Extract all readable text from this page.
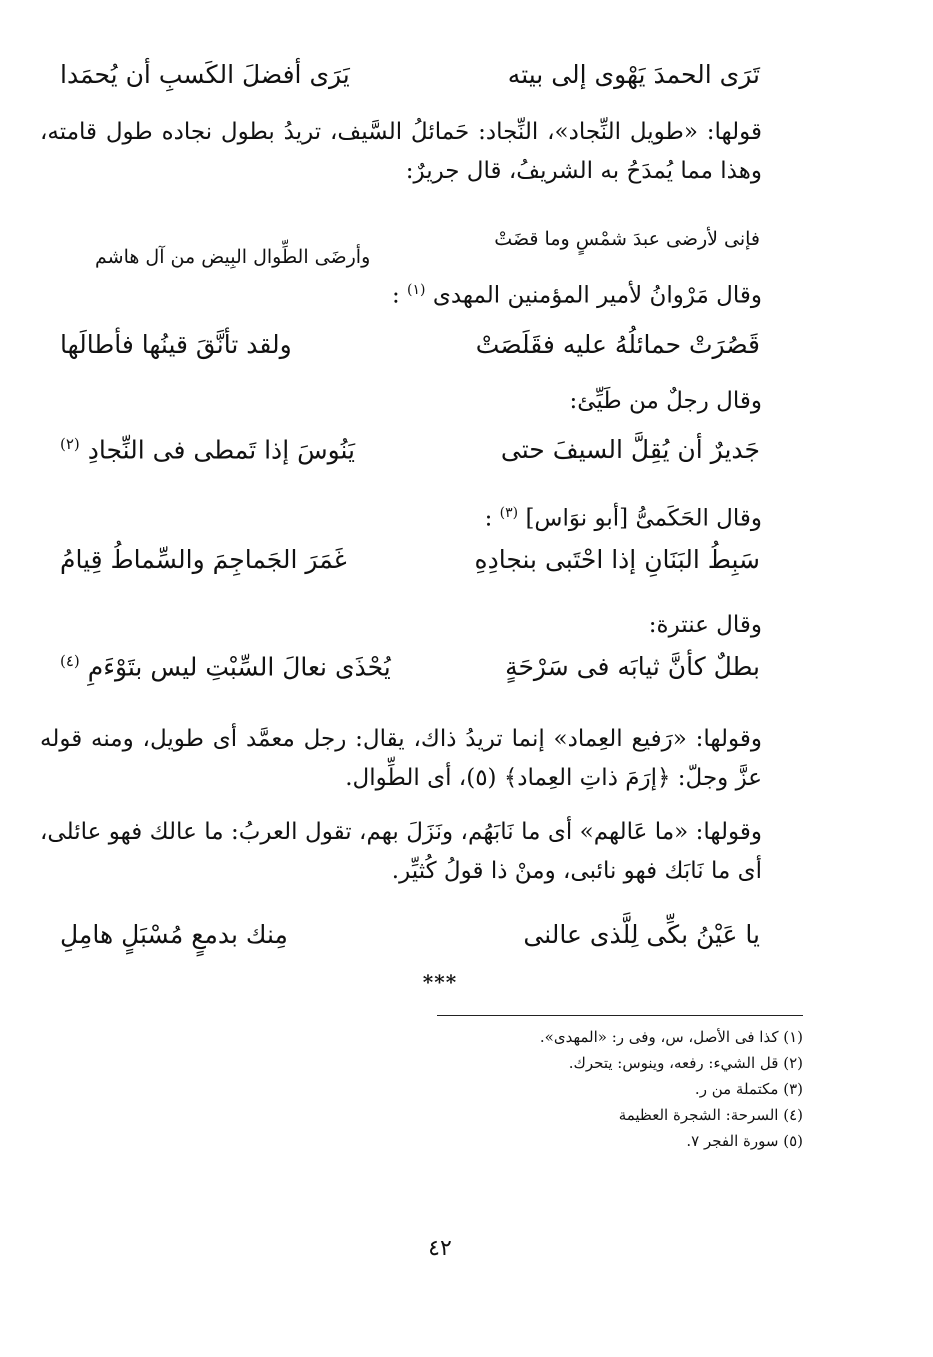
تَرَى الحمدَ يَهْوى إلى بيته
يَرَى أفضلَ الكَسبِ أن يُحمَدا
قولها: «طويل النِّجاد»، النِّجاد: حَمائلُ السَّيف، تريدُ بطول نجاده طول قامته، وهذا مما يُمدَحُ به الشريفُ، قال جريرٌ:
فإنى لأرضى عبدَ شمْسٍ وما قضَتْ
وأرضَى الطِّوال البِيض من آل هاشم
وقال مَرْوانُ لأمير المؤمنين المهدى $^{(١)}$ :
قَصُرَتْ حمائلُهُ عليه فقَلَصَتْ
ولقد تأنَّقَ قينُها فأطالَها
وقال رجلٌ من طَيِّئ:
جَديرٌ أن يُقِلَّ السيفَ حتى
يَنُوسَ إذا تَمطى فى النِّجادِ $^{(٢)}$
وقال الحَكَمىُّ [أبو نوَاس] $^{(٣)}$ :
سَبِطُ البَنَانِ إذا احْتَبى بنجادِهِ
غَمَرَ الجَماجِمَ والسِّماطُ قِيامُ
وقال عنترة:
بطلٌ كأنَّ ثيابَه فى سَرْحَةٍ
يُحْذَى نعالَ السِّبْتِ ليس بتَوْءَمِ $^{(٤)}$
وقولها: «رَفيع العِماد» إنما تريدُ ذاك، يقال: رجل معمَّد أى طويل، ومنه قوله عزَّ وجلّ: ﴿إرَمَ ذاتِ العِماد﴾ (٥)، أى الطِّوال.
وقولها: «ما عَالهم» أى ما نَابَهُم، ونَزَلَ بهم، تقول العربُ: ما عالك فهو عائلى، أى ما نَابَك فهو نائبى، ومنْ ذا قولُ كُثيِّر.
يا عَيْنُ بكِّى لِلَّذى عالنى
مِنك بدمعٍ مُسْبَلٍ هامِلِ
***
(١) كذا فى الأصل، س، وفى ر: «المهدى».
(٢) قل الشيء: رفعه، وينوس: يتحرك.
(٣) مكتملة من ر.
(٤) السرحة: الشجرة العظيمة
(٥) سورة الفجر ٧.
٤٢
